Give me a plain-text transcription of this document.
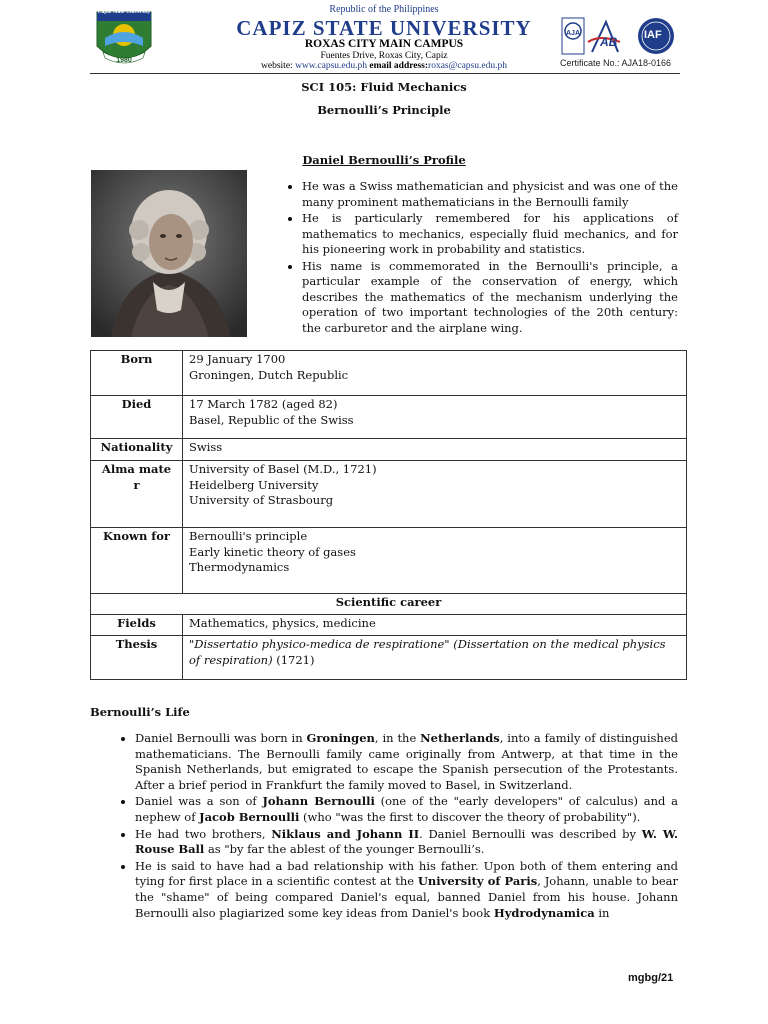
Capiz State University
1980
Republic of the Philippines
CAPIZ STATE UNIVERSITY
ROXAS CITY MAIN CAMPUS
Fuentes Drive, Roxas City, Capiz
website: www.capsu.edu.ph email address:roxas@capsu.edu.ph
AJA
AB IAF
Certificate No.: AJA18-0166
SCI 105: Fluid Mechanics
Bernoulli’s Principle
Daniel Bernoulli’s Profile
• He was a Swiss mathematician and physicist and was one of the many prominent mathematicians in the Bernoulli family
• He is particularly remembered for his applications of mathematics to mechanics, especially fluid mechanics, and for his pioneering work in probability and statistics.
• His name is commemorated in the Bernoulli's principle, a particular example of the conservation of energy, which describes the mathematics of the mechanism underlying the operation of two important technologies of the 20th century: the carburetor and the airplane wing.
Born	29 January 1700
Groningen, Dutch Republic
Died	17 March 1782 (aged 82)
Basel, Republic of the Swiss
Nationality	Swiss
Alma mate r	University of Basel (M.D., 1721)
Heidelberg University
University of Strasbourg
Known for	Bernoulli's principle
Early kinetic theory of gases
Thermodynamics
Scientific career	
Fields	Mathematics, physics, medicine
Thesis	"Dissertatio physico-medica de respiratione" (Dissertation on the medical physics of respiration) (1721)
Bernoulli’s Life
• Daniel Bernoulli was born in Groningen, in the Netherlands, into a family of distinguished mathematicians. The Bernoulli family came originally from Antwerp, at that time in the Spanish Netherlands, but emigrated to escape the Spanish persecution of the Protestants. After a brief period in Frankfurt the family moved to Basel, in Switzerland.
• Daniel was a son of Johann Bernoulli (one of the "early developers" of calculus) and a nephew of Jacob Bernoulli (who "was the first to discover the theory of probability").
• He had two brothers, Niklaus and Johann II. Daniel Bernoulli was described by W. W. Rouse Ball as "by far the ablest of the younger Bernoulli’s.
• He is said to have had a bad relationship with his father. Upon both of them entering and tying for first place in a scientific contest at the University of Paris, Johann, unable to bear the "shame" of being compared Daniel's equal, banned Daniel from his house. Johann Bernoulli also plagiarized some key ideas from Daniel's book Hydrodynamica in
mgbg/21
